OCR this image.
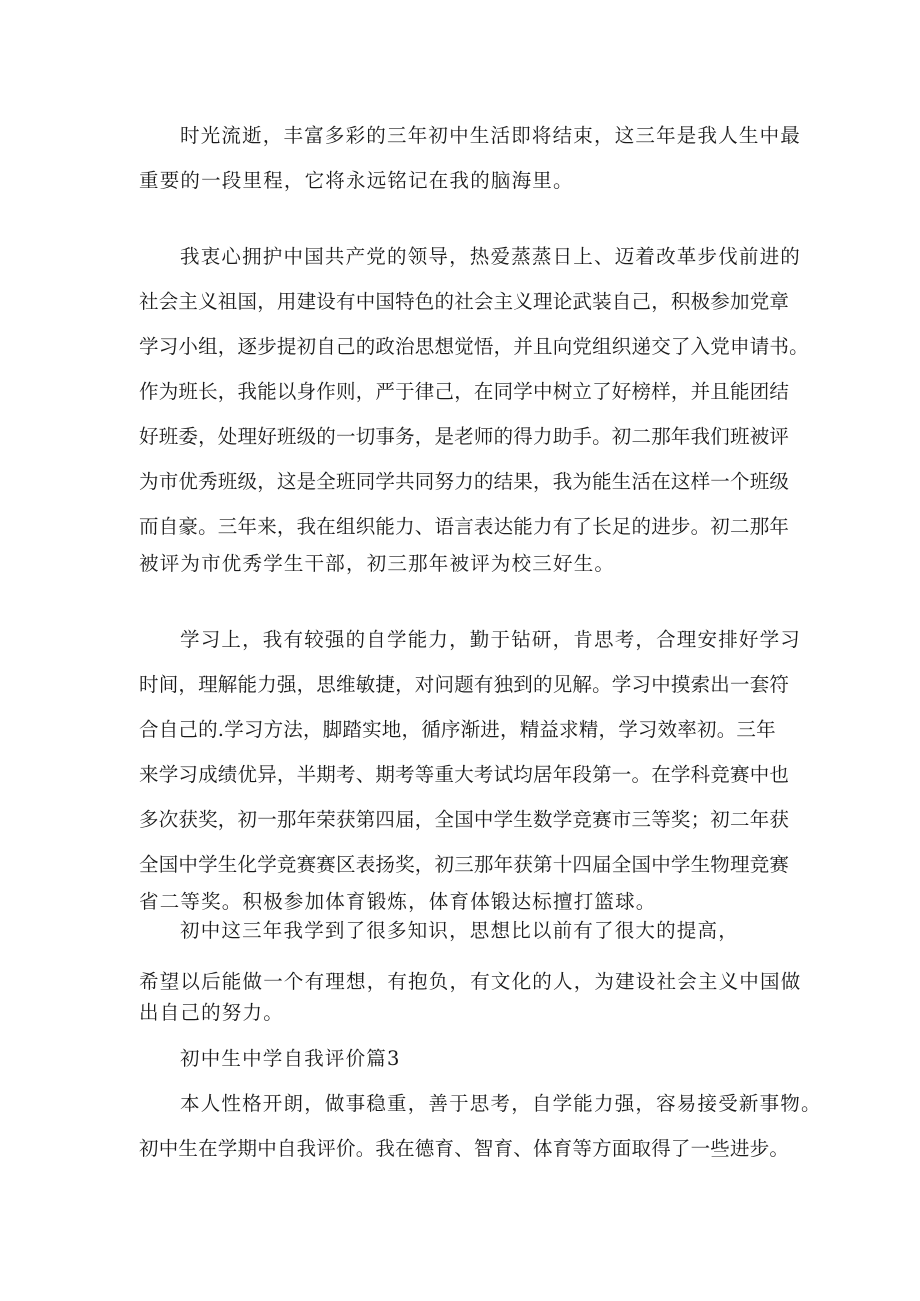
时光流逝，丰富多彩的三年初中生活即将结束，这三年是我人生中最

重要的一段里程，它将永远铭记在我的脑海里。

我衷心拥护中国共产党的领导，热爱蒸蒸日上、迈着改革步伐前进的

社会主义祖国，用建设有中国特色的社会主义理论武装自己，积极参加党章

学习小组，逐步提初自己的政治思想觉悟，并且向党组织递交了入党申请书。

作为班长，我能以身作则，严于律己，在同学中树立了好榜样，并且能团结

好班委，处理好班级的一切事务，是老师的得力助手。初二那年我们班被评

为市优秀班级，这是全班同学共同努力的结果，我为能生活在这样一个班级

而自豪。三年来，我在组织能力、语言表达能力有了长足的进步。初二那年

被评为市优秀学生干部，初三那年被评为校三好生。

学习上，我有较强的自学能力，勤于钻研，肯思考，合理安排好学习

时间，理解能力强，思维敏捷，对问题有独到的见解。学习中摸索出一套符

合自己的.学习方法，脚踏实地，循序渐进，精益求精，学习效率初。三年

来学习成绩优异，半期考、期考等重大考试均居年段第一。在学科竞赛中也

多次获奖，初一那年荣获第四届，全国中学生数学竞赛市三等奖；初二年获

全国中学生化学竞赛赛区表扬奖，初三那年获第十四届全国中学生物理竞赛

省二等奖。积极参加体育锻炼，体育体锻达标擅打篮球。

初中这三年我学到了很多知识，思想比以前有了很大的提高，

希望以后能做一个有理想，有抱负，有文化的人，为建设社会主义中国做

出自己的努力。

初中生中学自我评价篇3

本人性格开朗，做事稳重，善于思考，自学能力强，容易接受新事物。

初中生在学期中自我评价。我在德育、智育、体育等方面取得了一些进步。
